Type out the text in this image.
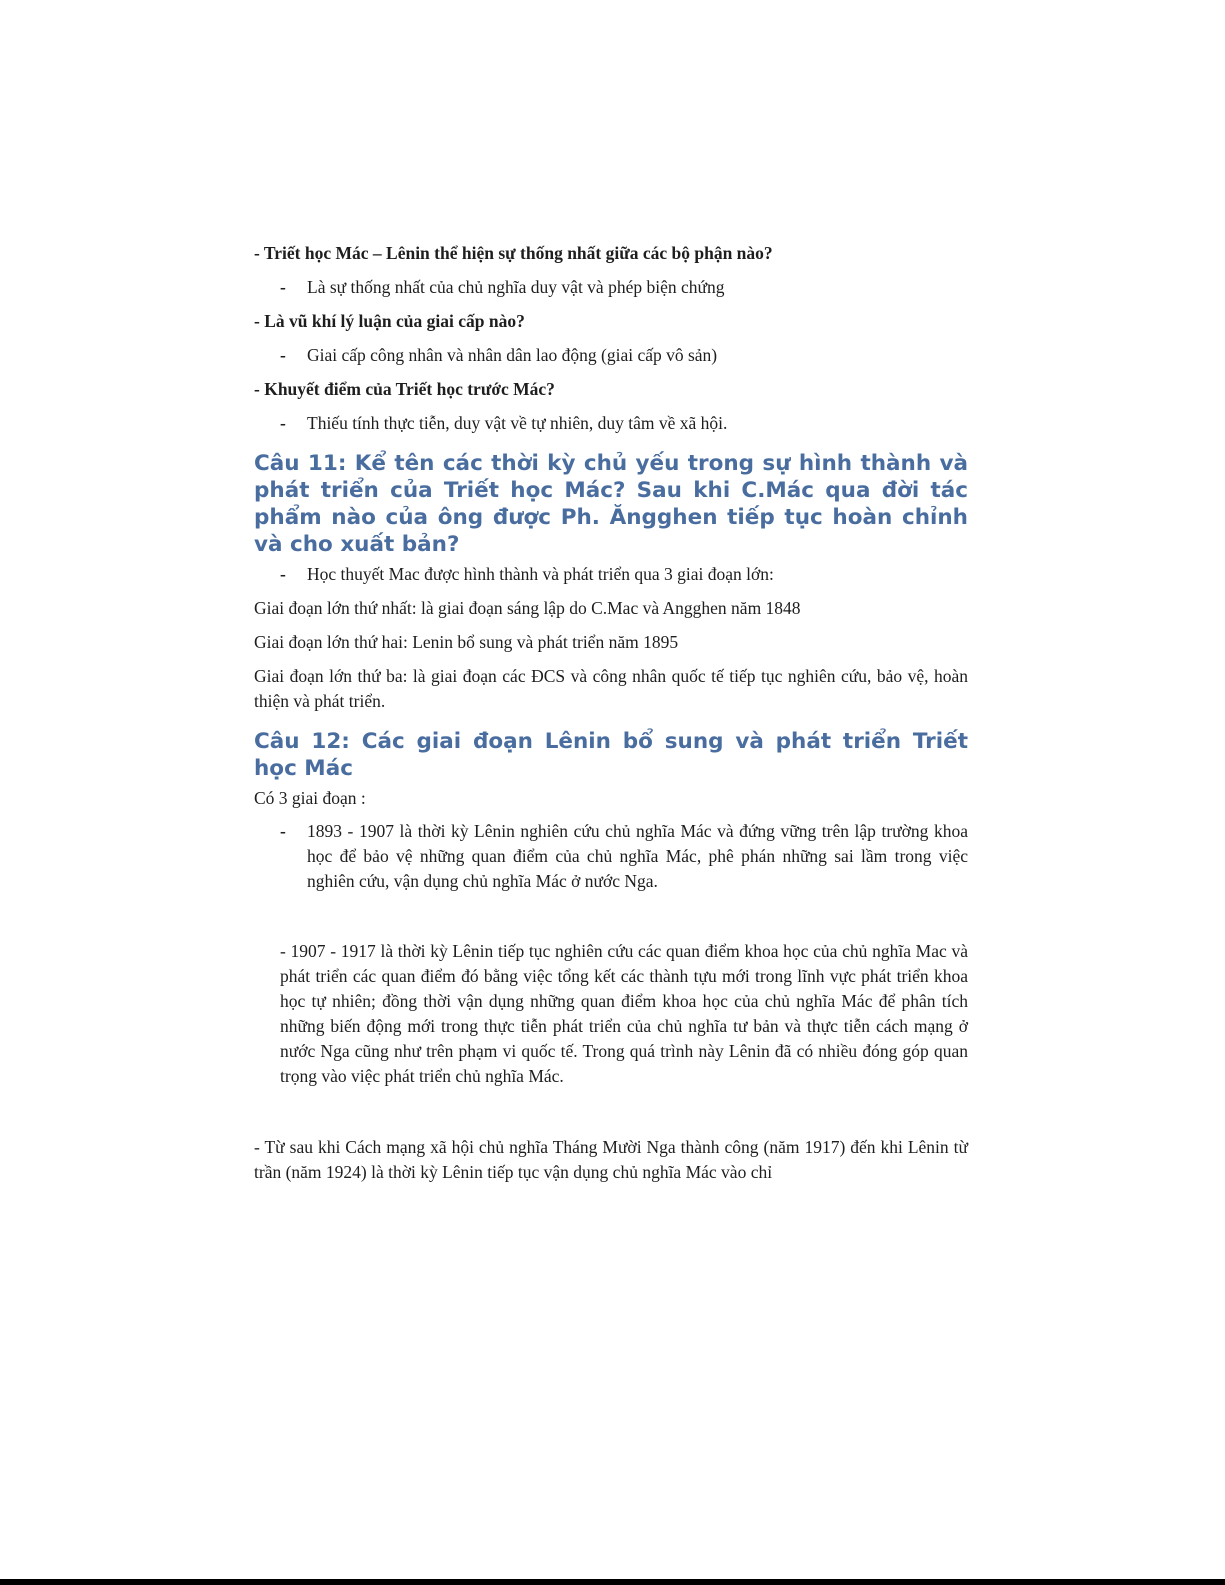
- Triết học Mác – Lênin thể hiện sự thống nhất giữa các bộ phận nào?

- Là sự thống nhất của chủ nghĩa duy vật và phép biện chứng

- Là vũ khí lý luận của giai cấp nào?

- Giai cấp công nhân và nhân dân lao động (giai cấp vô sản)

- Khuyết điểm của Triết học trước Mác?

- Thiếu tính thực tiễn, duy vật về tự nhiên, duy tâm về xã hội.
Câu 11: Kể tên các thời kỳ chủ yếu trong sự hình thành và phát triển của Triết học Mác? Sau khi C.Mác qua đời tác phẩm nào của ông được Ph. Ăngghen tiếp tục hoàn chỉnh và cho xuất bản?
- Học thuyết Mac được hình thành và phát triển qua 3 giai đoạn lớn:

Giai đoạn lớn thứ nhất: là giai đoạn sáng lập do C.Mac và Angghen năm 1848

Giai đoạn lớn thứ hai: Lenin bổ sung và phát triển năm 1895

Giai đoạn lớn thứ ba: là giai đoạn các ĐCS và công nhân quốc tế tiếp tục nghiên cứu, bảo vệ, hoàn thiện và phát triển.

Câu 12: Các giai đoạn Lênin bổ sung và phát triển Triết học Mác

Có 3 giai đoạn :

- 1893 - 1907 là thời kỳ Lênin nghiên cứu chủ nghĩa Mác và đứng vững trên lập trường khoa học để bảo vệ những quan điểm của chủ nghĩa Mác, phê phán những sai lầm trong việc nghiên cứu, vận dụng chủ nghĩa Mác ở nước Nga.

- 1907 - 1917 là thời kỳ Lênin tiếp tục nghiên cứu các quan điểm khoa học của chủ nghĩa Mac và phát triển các quan điểm đó bằng việc tổng kết các thành tựu mới trong lĩnh vực phát triển khoa học tự nhiên; đồng thời vận dụng những quan điểm khoa học của chủ nghĩa Mác để phân tích những biến động mới trong thực tiễn phát triển của chủ nghĩa tư bản và thực tiễn cách mạng ở nước Nga cũng như trên phạm vi quốc tế. Trong quá trình này Lênin đã có nhiều đóng góp quan trọng vào việc phát triển chủ nghĩa Mác.

- Từ sau khi Cách mạng xã hội chủ nghĩa Tháng Mười Nga thành công (năm 1917) đến khi Lênin từ trần (năm 1924) là thời kỳ Lênin tiếp tục vận dụng chủ nghĩa Mác vào chỉ
